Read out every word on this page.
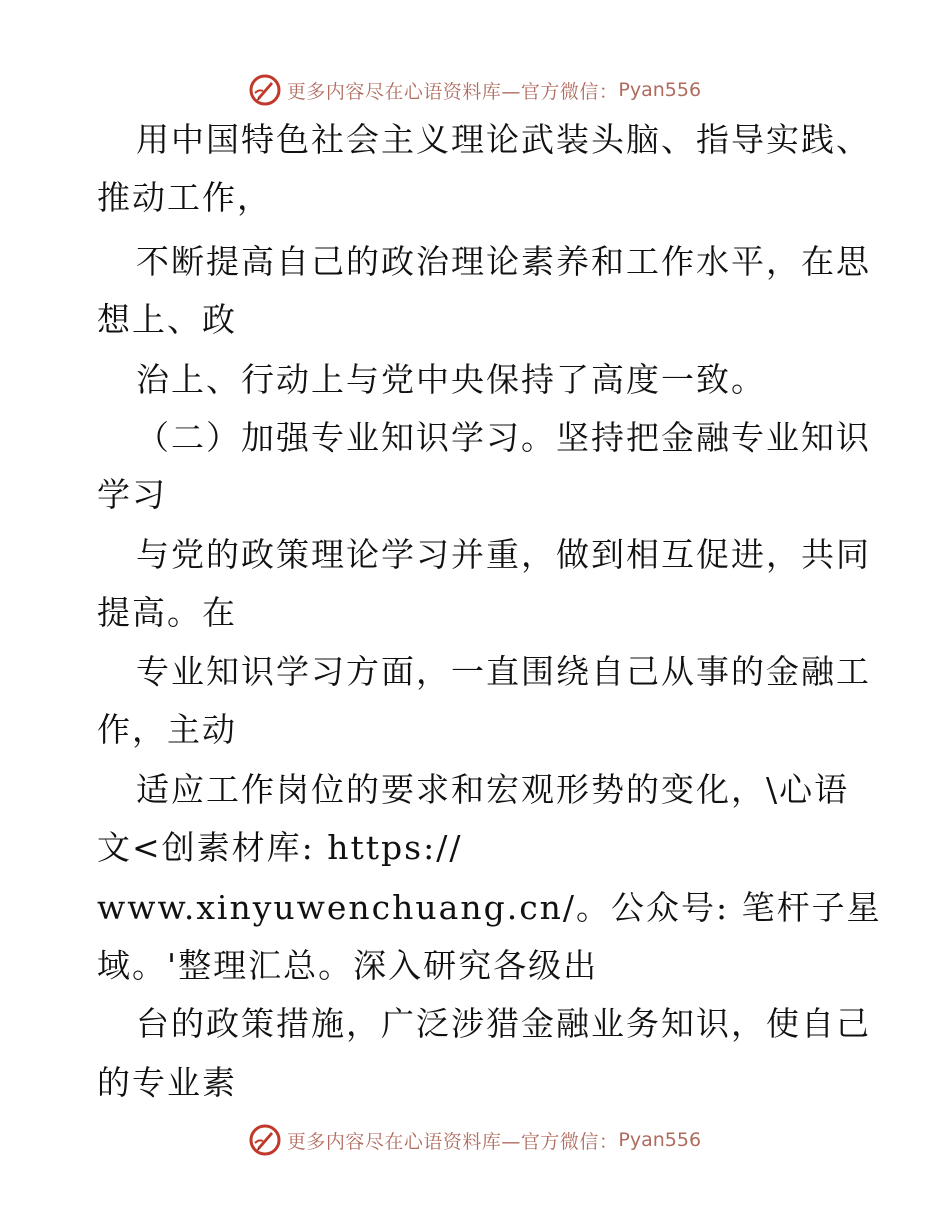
更多内容尽在心语资料库—官方微信： Pyan556
用中国特色社会主义理论武装头脑、指导实践、
推动工作，
不断提高自己的政治理论素养和工作水平，在思
想上、政
治上、行动上与党中央保持了高度一致。
（二）加强专业知识学习。坚持把金融专业知识
学习
与党的政策理论学习并重，做到相互促进，共同
提高。在
专业知识学习方面，一直围绕自己从事的金融工
作，主动
适应工作岗位的要求和宏观形势的变化，\心语
文<创素材库: https://
www.xinyuwenchuang.cn/。公众号: 笔杆子星
域。'整理汇总。深入研究各级出
台的政策措施，广泛涉猎金融业务知识，使自己
的专业素
更多内容尽在心语资料库—官方微信： Pyan556
